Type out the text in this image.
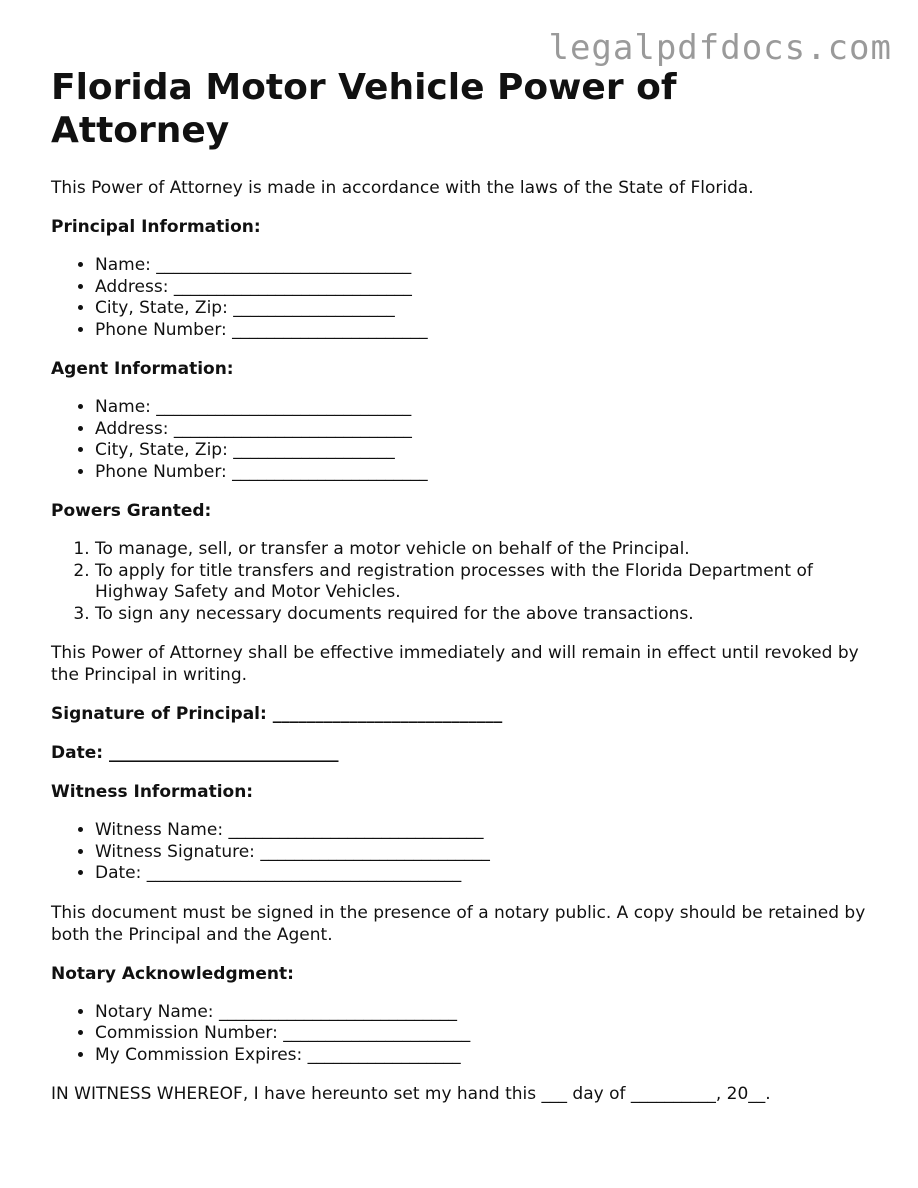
legalpdfdocs.com
Florida Motor Vehicle Power of Attorney

This Power of Attorney is made in accordance with the laws of the State of Florida.

Principal Information:

• Name: ______________________________
• Address: ____________________________
• City, State, Zip: ___________________
• Phone Number: _______________________

Agent Information:

• Name: ______________________________
• Address: ____________________________
• City, State, Zip: ___________________
• Phone Number: _______________________

Powers Granted:

1. To manage, sell, or transfer a motor vehicle on behalf of the Principal.
2. To apply for title transfers and registration processes with the Florida Department of Highway Safety and Motor Vehicles.
3. To sign any necessary documents required for the above transactions.

This Power of Attorney shall be effective immediately and will remain in effect until revoked by the Principal in writing.

Signature of Principal: ___________________________

Date: ___________________________

Witness Information:

• Witness Name: ______________________________
• Witness Signature: ___________________________
• Date: _____________________________________

This document must be signed in the presence of a notary public. A copy should be retained by both the Principal and the Agent.

Notary Acknowledgment:

• Notary Name: ____________________________
• Commission Number: ______________________
• My Commission Expires: __________________

IN WITNESS WHEREOF, I have hereunto set my hand this ___ day of __________, 20__.
